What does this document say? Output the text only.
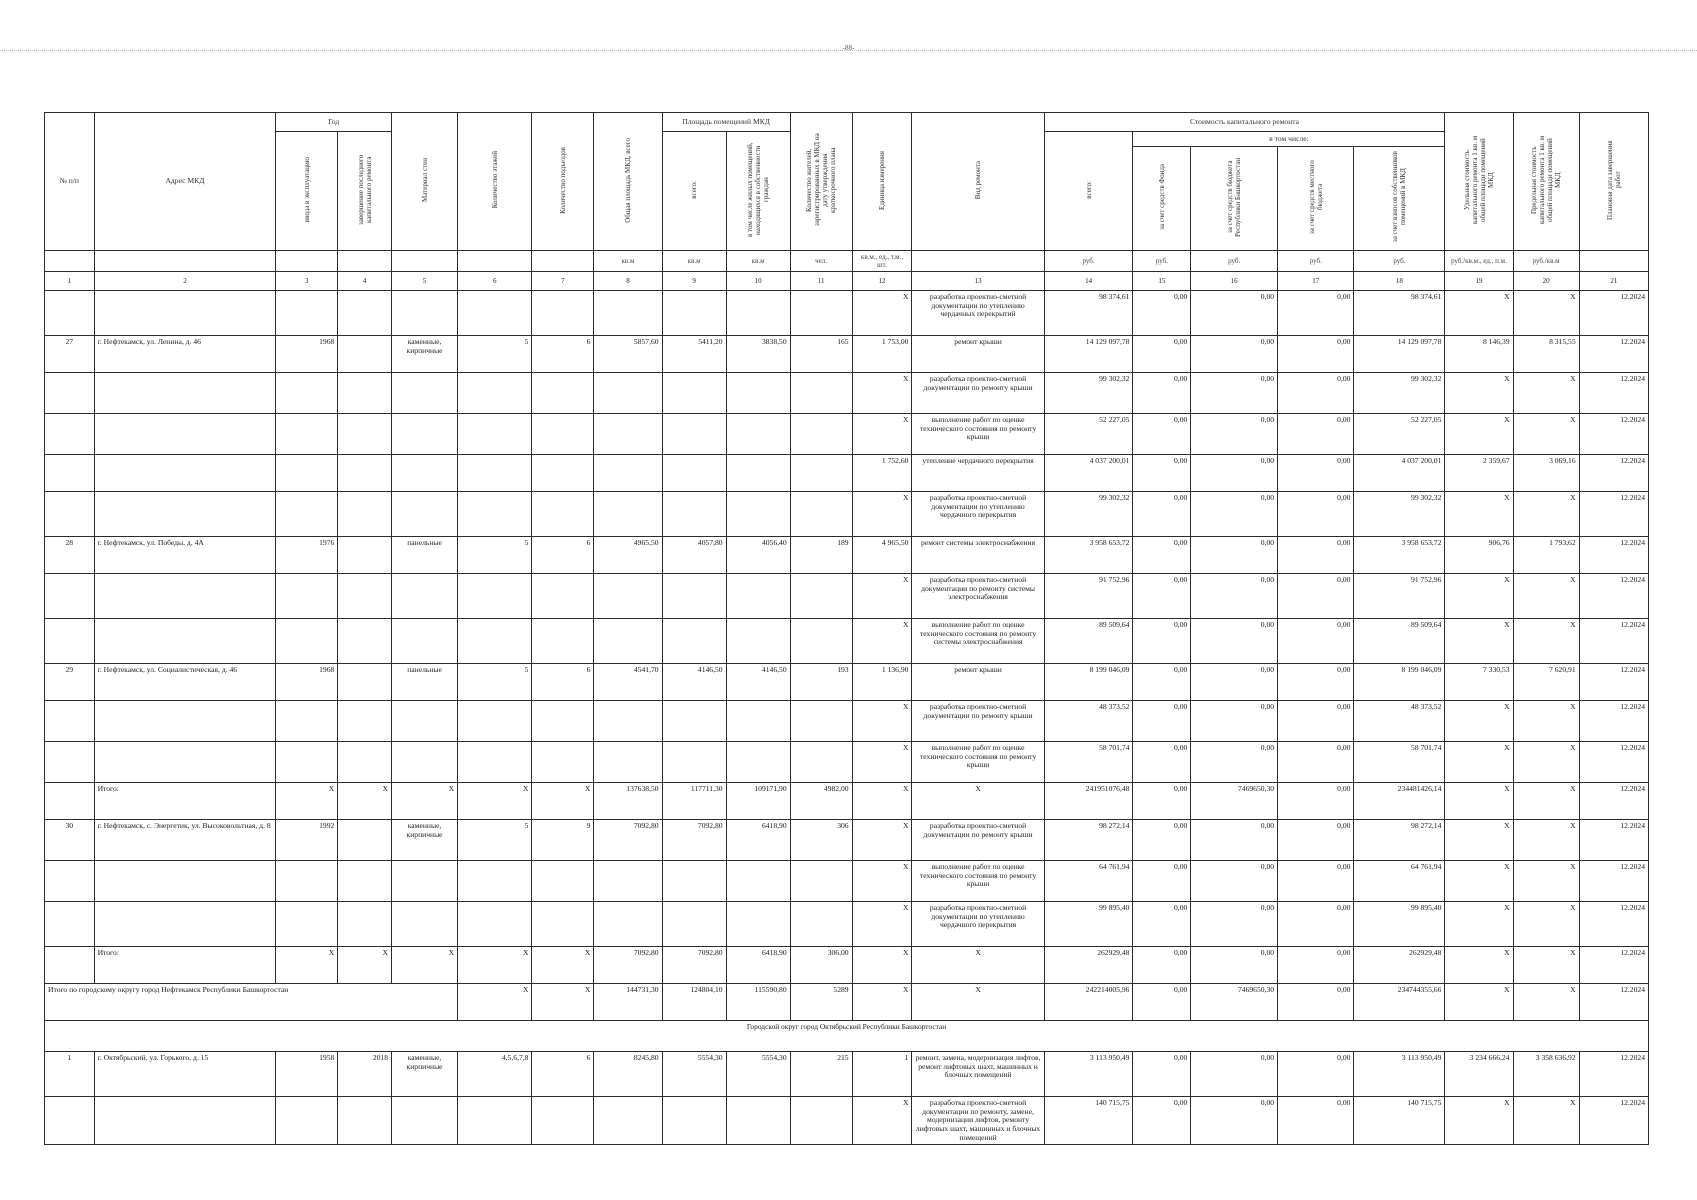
-88-
№ п/п	Адрес МКД	Год		Материал стен	Количество этажей	Количество подъездов	Общая площадь МКД, всего	Площадь помещений МКД		Количество жителей, зарегистрированных в МКД на дату утверждения краткосрочного плана	Единица измерения	Вид ремонта	Стоимость капитального ремонта					Удельная стоимость капитального ремонта 1 кв. м общей площади помещений МКД	Предельная стоимость капитального ремонта 1 кв. м общей площади помещений МКД	Плановая дата завершения работ
		ввода в эксплуатацию	завершение последнего капитального ремонта					всего:	в том числе жилых помещений, находящихся в собственности граждан				всего:	в том числе:						
														за счет средств Фонда	за счет средств бюджета Республики Башкортостан	за счет средств местного бюджета	за счет взносов собственников помещений в МКД			
							кв.м	кв.м	кв.м	чел.	кв.м., ед., т.м., шт.		руб.	руб.	руб.	руб.	руб.	руб./кв.м., ед., п.м.	руб./кв.м	
1	2	3	4	5	6	7	8	9	10	11	12	13	14	15	16	17	18	19	20	21
											X	разработка проектно-сметной документации по утеплению чердачных перекрытий	98 374,61	0,00	0,00	0,00	98 374,61	X	X	12.2024
27	г. Нефтекамск, ул. Ленина, д. 46	1968		каменные, кирпичные	5	6	5857,60	5411,20	3838,50	165	1 753,00	ремонт крыши	14 129 097,78	0,00	0,00	0,00	14 129 097,78	8 146,39	8 315,55	12.2024
											X	разработка проектно-сметной документации по ремонту крыши	99 302,32	0,00	0,00	0,00	99 302,32	X	X	12.2024
											X	выполнение работ по оценке технического состояния по ремонту крыши	52 227,05	0,00	0,00	0,00	52 227,05	X	X	12.2024
											1 752,60	утепление чердачного перекрытия	4 037 200,01	0,00	0,00	0,00	4 037 200,01	2 359,67	3 069,16	12.2024
											X	разработка проектно-сметной документации по утеплению чердачного перекрытия	99 302,32	0,00	0,00	0,00	99 302,32	X	X	12.2024
28	г. Нефтекамск, ул. Победы, д. 4А	1976		панельные	5	6	4965,50	4057,80	4056,40	189	4 965,50	ремонт системы электроснабжения	3 958 653,72	0,00	0,00	0,00	3 958 653,72	906,76	1 793,62	12.2024
											X	разработка проектно-сметной документации по ремонту системы электроснабжения	91 752,96	0,00	0,00	0,00	91 752,96	X	X	12.2024
											X	выполнение работ по оценке технического состояния по ремонту системы электроснабжения	89 509,64	0,00	0,00	0,00	89 509,64	X	X	12.2024
29	г. Нефтекамск, ул. Социалистическая, д. 46	1968		панельные	5	6	4541,70	4146,50	4146,50	193	1 136,90	ремонт крыши	8 199 046,09	0,00	0,00	0,00	8 199 046,09	7 330,53	7 620,91	12.2024
											X	разработка проектно-сметной документации по ремонту крыши	48 373,52	0,00	0,00	0,00	48 373,52	X	X	12.2024
											X	выполнение работ по оценке технического состояния по ремонту крыши	58 701,74	0,00	0,00	0,00	58 701,74	X	X	12.2024
	Итого:	X	X	X	X	X	137638,50	117711,30	109171,90	4982,00	X	X	241951076,48	0,00	7469650,30	0,00	234481426,14	X	X	12.2024
30	г. Нефтекамск, с. Энергетик, ул. Высоковольтная, д. 8	1992		каменные, кирпичные	5	9	7092,80	7092,80	6418,90	306	X	разработка проектно-сметной документации по ремонту крыши	98 272,14	0,00	0,00	0,00	98 272,14	X	X	12.2024
											X	выполнение работ по оценке технического состояния по ремонту крыши	64 761,94	0,00	0,00	0,00	64 761,94	X	X	12.2024
											X	разработка проектно-сметной документации по утеплению чердачного перекрытия	99 895,40	0,00	0,00	0,00	99 895,40	X	X	12.2024
	Итого:	X	X	X	X	X	7092,80	7092,80	6418,90	306,00	X	X	262929,48	0,00	0,00	0,00	262929,48	X	X	12.2024
Итого по городскому округу город Нефтекамск Республики Башкортостан					X	X	144731,30	124804,10	115590,80	5289	X	X	242214005,96	0,00	7469650,30	0,00	234744355,66	X	X	12.2024
Городской округ город Октябрьский Республики Башкортостан																				
1	г. Октябрьский, ул. Горького, д. 15	1958	2018	каменные, кирпичные	4,5,6,7,8	6	8245,80	5554,30	5554,30	215	1	ремонт, замена, модернизация лифтов, ремонт лифтовых шахт, машинных и блочных помещений	3 113 950,49	0,00	0,00	0,00	3 113 950,49	3 234 666,24	3 358 636,92	12.2024
											X	разработка проектно-сметной документации по ремонту, замене, модернизации лифтов, ремонту лифтовых шахт, машинных и блочных помещений	140 715,75	0,00	0,00	0,00	140 715,75	X	X	12.2024
